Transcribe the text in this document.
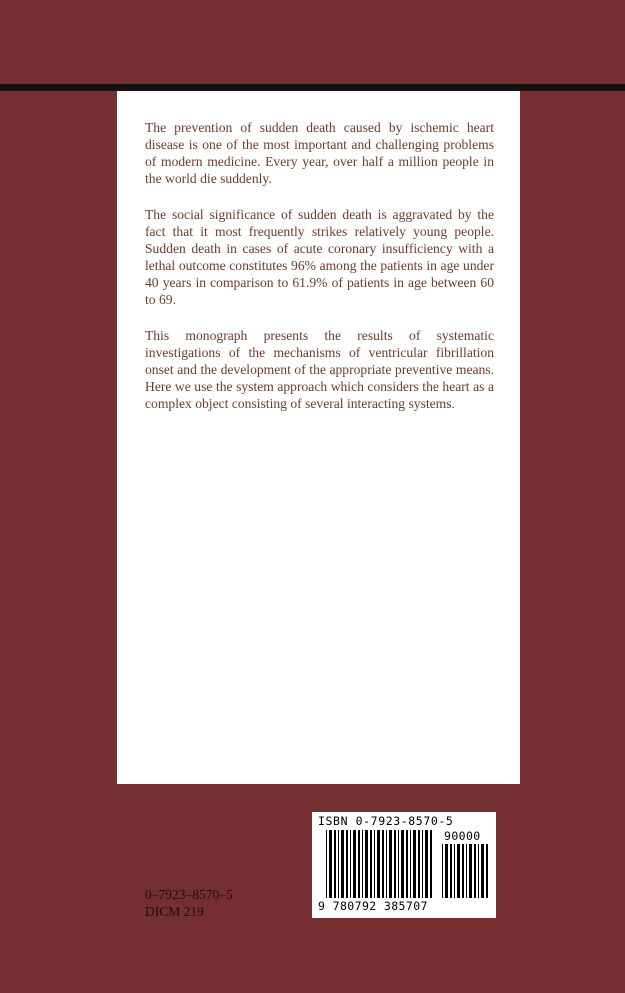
The prevention of sudden death caused by ischemic heart disease is one of the most important and challenging problems of modern medicine. Every year, over half a million people in the world die suddenly.

The social significance of sudden death is aggravated by the fact that it most frequently strikes relatively young people. Sudden death in cases of acute coronary insufficiency with a lethal outcome constitutes 96% among the patients in age under 40 years in comparison to 61.9% of patients in age between 60 to 69.

This monograph presents the results of systematic investigations of the mechanisms of ventricular fibrillation onset and the development of the appropriate preventive means. Here we use the system approach which considers the heart as a complex object consisting of several interacting systems.

0–7923–8570–5
DICM 219
ISBN 0-7923-8570-5
90000
9 780792 385707
